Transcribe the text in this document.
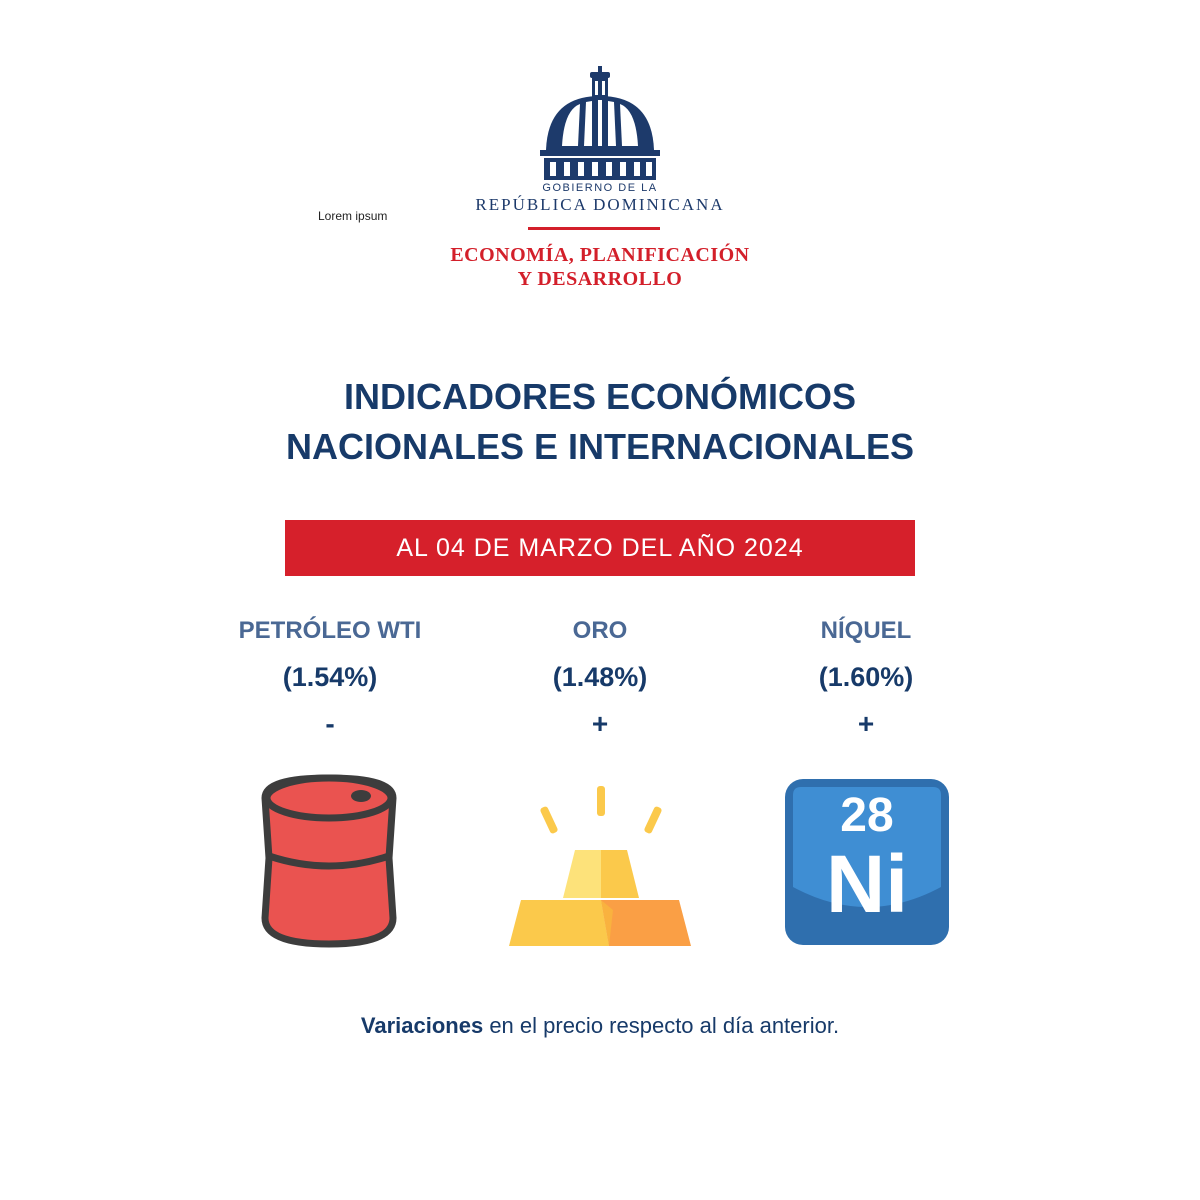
Lorem ipsum
GOBIERNO DE LA
REPÚBLICA DOMINICANA
ECONOMÍA, PLANIFICACIÓN
Y DESARROLLO
INDICADORES ECONÓMICOS
NACIONALES E INTERNACIONALES
AL 04 DE MARZO DEL AÑO 2024
PETRÓLEO WTI
(1.54%)
-
ORO
(1.48%)
+
NÍQUEL
(1.60%)
+
28
Ni
Variaciones en el precio respecto al día anterior.
